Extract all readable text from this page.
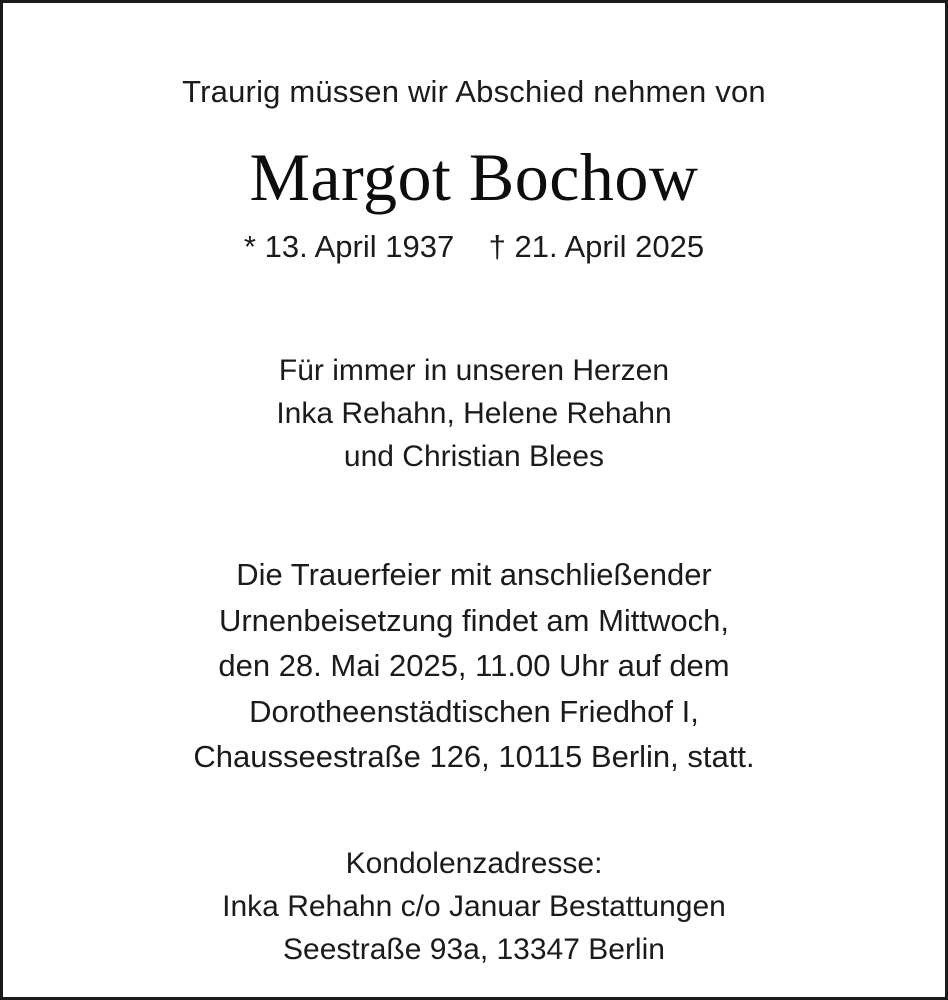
Traurig müssen wir Abschied nehmen von
Margot Bochow
* 13. April 1937    † 21. April 2025
Für immer in unseren Herzen
Inka Rehahn, Helene Rehahn
und Christian Blees
Die Trauerfeier mit anschließender
Urnenbeisetzung findet am Mittwoch,
den 28. Mai 2025, 11.00 Uhr auf dem
Dorotheenstädtischen Friedhof I,
Chausseestraße 126, 10115 Berlin, statt.
Kondolenzadresse:
Inka Rehahn c/o Januar Bestattungen
Seestraße 93a, 13347 Berlin
